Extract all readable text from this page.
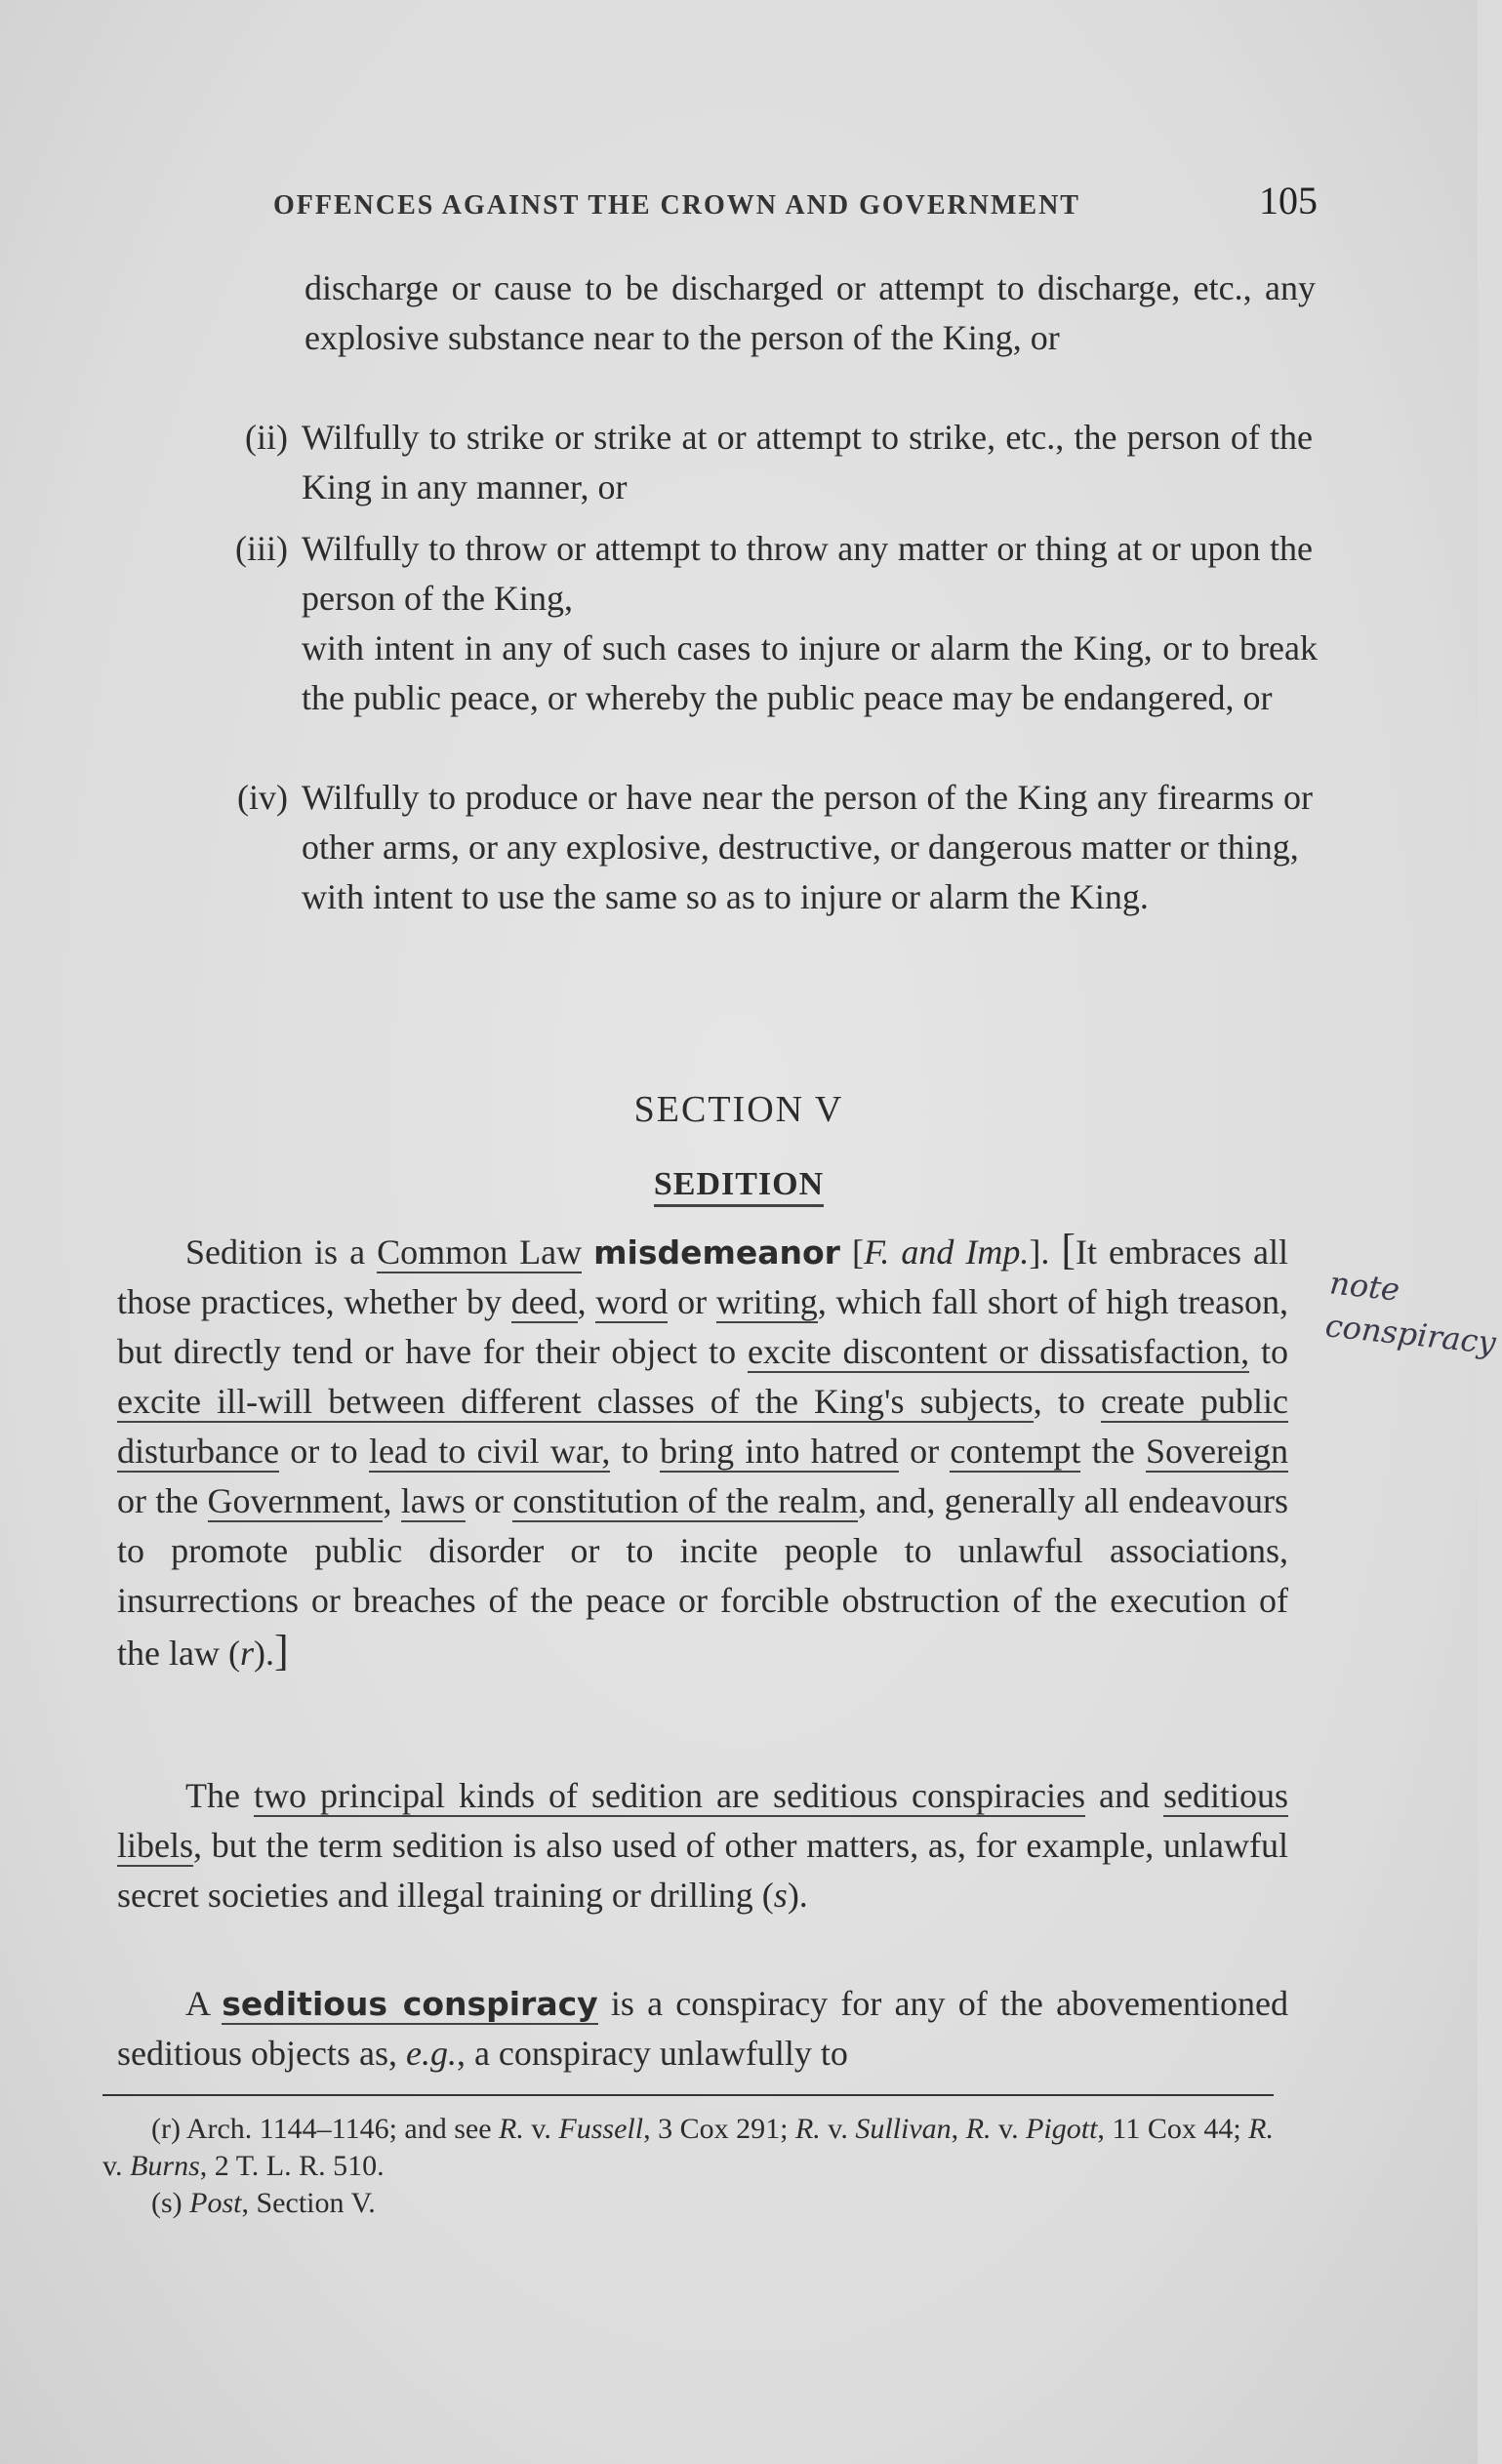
OFFENCES AGAINST THE CROWN AND GOVERNMENT	105

discharge or cause to be discharged or attempt to discharge, etc., any explosive substance near to the person of the King, or

(ii) Wilfully to strike or strike at or attempt to strike, etc., the person of the King in any manner, or
(iii) Wilfully to throw or attempt to throw any matter or thing at or upon the person of the King,

with intent in any of such cases to injure or alarm the King, or to break the public peace, or whereby the public peace may be endangered, or

(iv) Wilfully to produce or have near the person of the King any firearms or other arms, or any explosive, destructive, or dangerous matter or thing,

with intent to use the same so as to injure or alarm the King.

SECTION V
SEDITION

Sedition is a Common Law misdemeanor [F. and Imp.]. [It embraces all those practices, whether by deed, word or writing, which fall short of high treason, but directly tend or have for their object to excite discontent or dissatisfaction, to excite ill-will between different classes of the King's subjects, to create public disturbance or to lead to civil war, to bring into hatred or contempt the Sovereign or the Government, laws or constitution of the realm, and, generally all endeavours to promote public disorder or to incite people to unlawful associations, insurrections or breaches of the peace or forcible obstruction of the execution of the law (r).]

The two principal kinds of sedition are seditious conspiracies and seditious libels, but the term sedition is also used of other matters, as, for example, unlawful secret societies and illegal training or drilling (s).

A seditious conspiracy is a conspiracy for any of the abovementioned seditious objects as, e.g., a conspiracy unlawfully to

(r) Arch. 1144–1146; and see R. v. Fussell, 3 Cox 291; R. v. Sullivan, R. v. Pigott, 11 Cox 44; R. v. Burns, 2 T. L. R. 510.

(s) Post, Section V.

note
conspiracy
